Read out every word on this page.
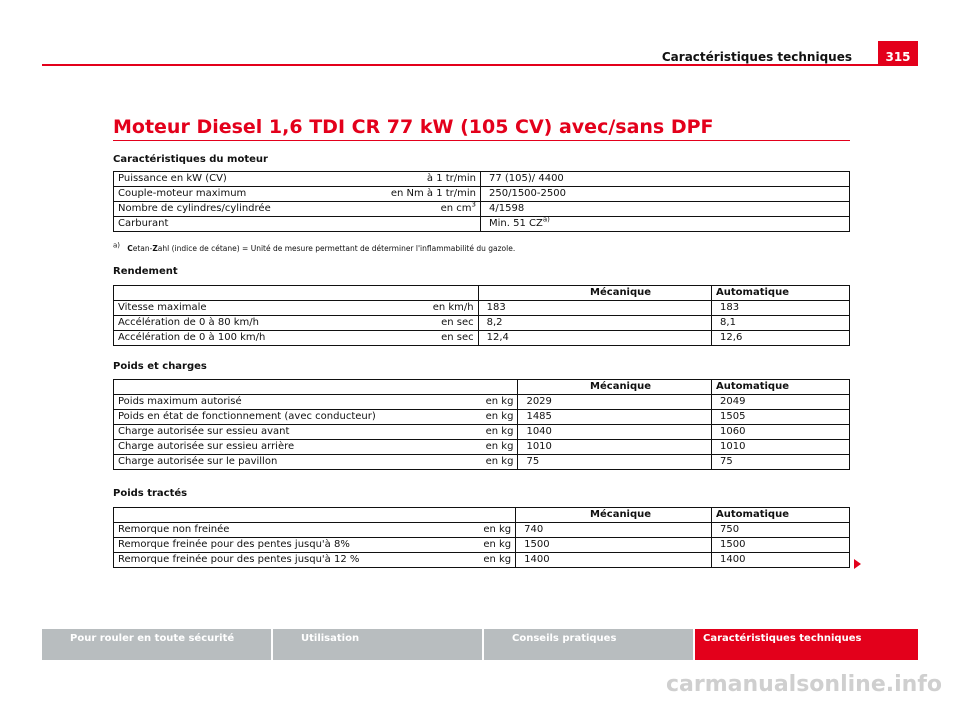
Caractéristiques techniques	315
Moteur Diesel 1,6 TDI CR 77 kW (105 CV) avec/sans DPF
Caractéristiques du moteur
Puissance en kW (CV)	à 1 tr/min	77 (105)/ 4400
Couple-moteur maximum	en Nm à 1 tr/min	250/1500-2500
Nombre de cylindres/cylindrée	en $cm^3$	4/1598
Carburant		Min. 51 CZ$^{a)}$
$^{a)}$ Cetan-Zahl (indice de cétane) = Unité de mesure permettant de déterminer l'inflammabilité du gazole.
Rendement
		Mécanique	Automatique
Vitesse maximale	en km/h	183	183
Accélération de 0 à 80 km/h	en sec	8,2	8,1
Accélération de 0 à 100 km/h	en sec	12,4	12,6
Poids et charges
		Mécanique	Automatique
Poids maximum autorisé	en kg	2029	2049
Poids en état de fonctionnement (avec conducteur)	en kg	1485	1505
Charge autorisée sur essieu avant	en kg	1040	1060
Charge autorisée sur essieu arrière	en kg	1010	1010
Charge autorisée sur le pavillon	en kg	75	75
Poids tractés
		Mécanique	Automatique
Remorque non freinée	en kg	740	750
Remorque freinée pour des pentes jusqu'à 8%	en kg	1500	1500
Remorque freinée pour des pentes jusqu'à 12 %	en kg	1400	1400
Pour rouler en toute sécurité	Utilisation	Conseils pratiques	Caractéristiques techniques
carmanualsonline.info
